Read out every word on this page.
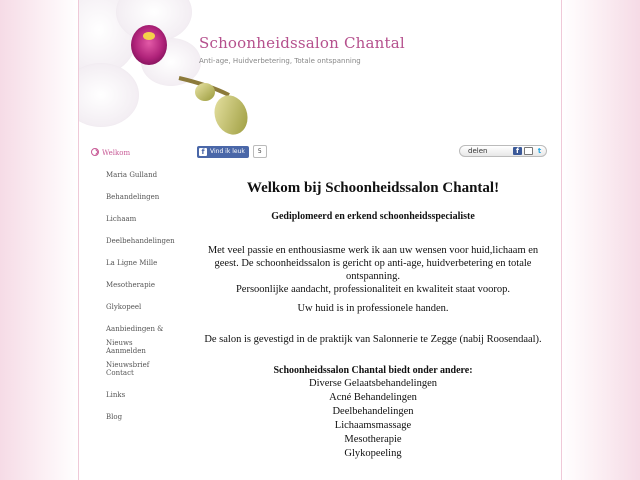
Schoonheidssalon Chantal
Anti-age, Huidverbetering, Totale ontspanning
Welkom
Maria Gulland
Behandelingen
Lichaam
Deelbehandelingen
La Ligne Mille
Mesotherapie
Glykopeel
Aanbiedingen & Nieuws
Aanmelden Nieuwsbrief
Contact
Links
Blog
f Vind ik leuk	5	delen	f	t
Welkom bij Schoonheidssalon Chantal!
Gediplomeerd en erkend schoonheidsspecialiste

Met veel passie en enthousiasme werk ik aan uw wensen voor huid,lichaam en geest. De schoonheidssalon is gericht op anti-age, huidverbetering en totale ontspanning.

Persoonlijke aandacht, professionaliteit en kwaliteit staat voorop.

Uw huid is in professionele handen.

De salon is gevestigd in de praktijk van Salonnerie te Zegge (nabij Roosendaal).

Schoonheidssalon Chantal biedt onder andere:
Diverse Gelaatsbehandelingen
Acné Behandelingen
Deelbehandelingen
Lichaamsmassage
Mesotherapie
Glykopeeling
